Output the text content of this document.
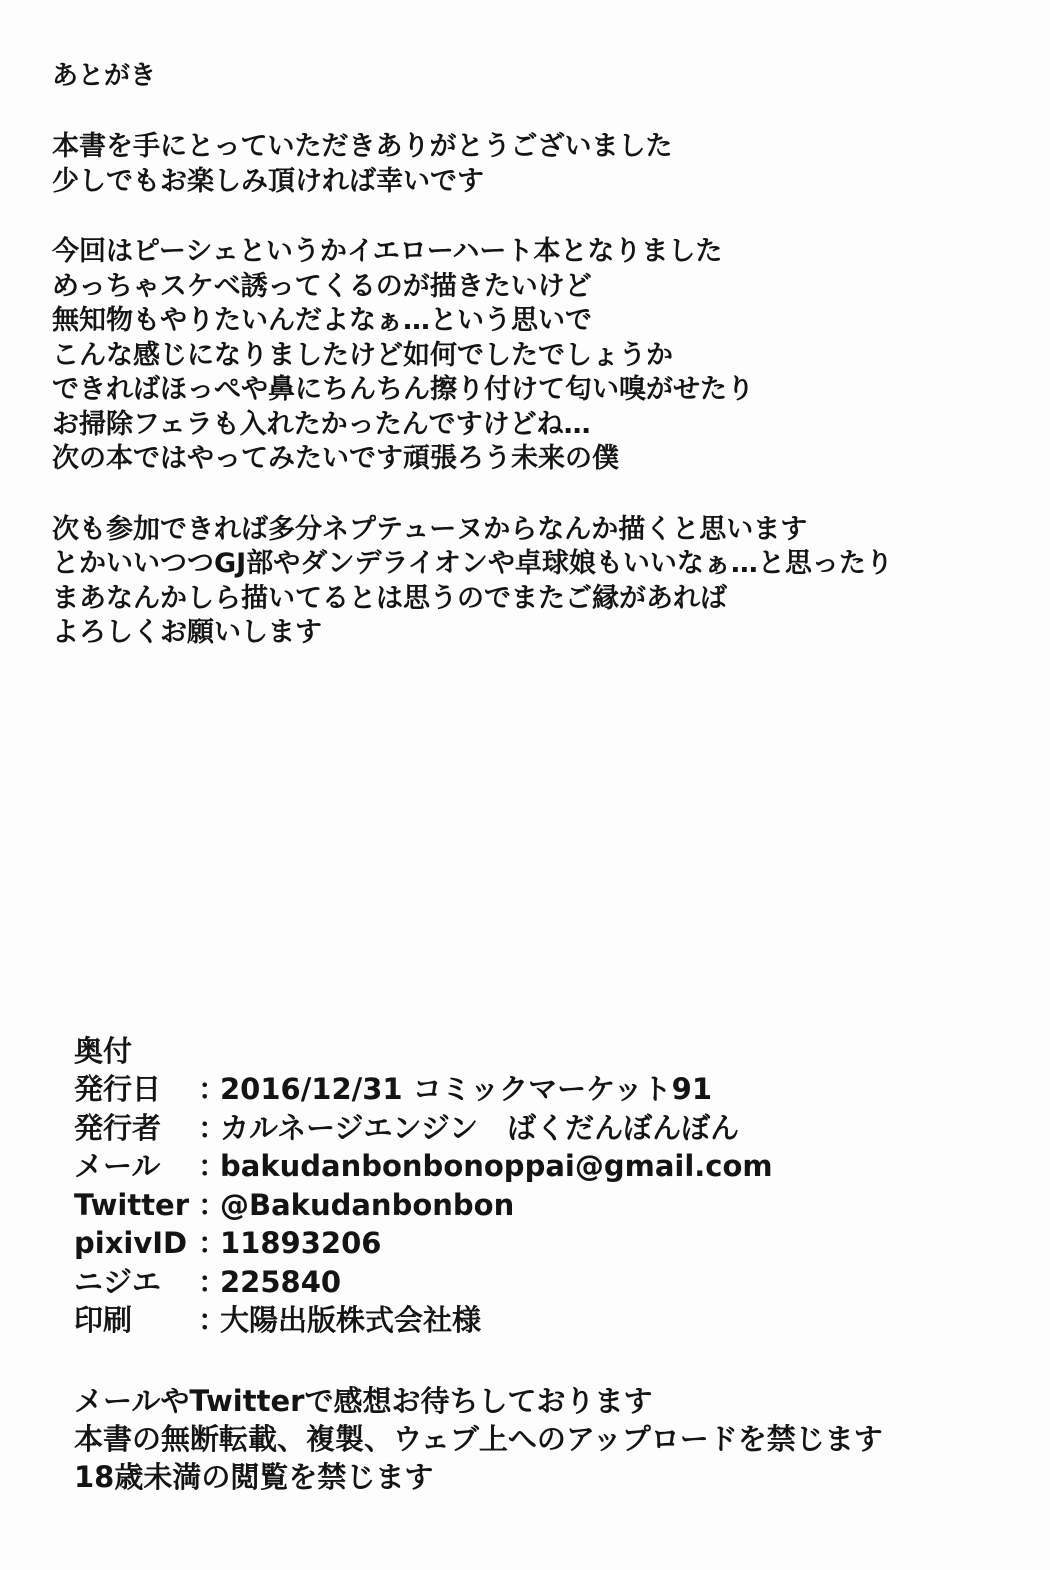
あとがき
本書を手にとっていただきありがとうございました
少しでもお楽しみ頂ければ幸いです
今回はピーシェというかイエローハート本となりました
めっちゃスケベ誘ってくるのが描きたいけど
無知物もやりたいんだよなぁ…という思いで
こんな感じになりましたけど如何でしたでしょうか
できればほっぺや鼻にちんちん擦り付けて匂い嗅がせたり
お掃除フェラも入れたかったんですけどね…
次の本ではやってみたいです頑張ろう未来の僕
次も参加できれば多分ネプテューヌからなんか描くと思います
とかいいつつGJ部やダンデライオンや卓球娘もいいなぁ…と思ったり
まあなんかしら描いてるとは思うのでまたご縁があれば
よろしくお願いします
奥付
発行日	：
2016/12/31 コミックマーケット91
発行者	：
カルネージエンジン　ばくだんぼんぼん
メール	：
bakudanbonbonoppai@gmail.com
Twitter ：
@Bakudanbonbon
pixivID ：
11893206
ニジエ	：
225840
印刷	：
大陽出版株式会社様
メールやTwitterで感想お待ちしております
本書の無断転載、複製、ウェブ上へのアップロードを禁じます
18歳未満の閲覧を禁じます
